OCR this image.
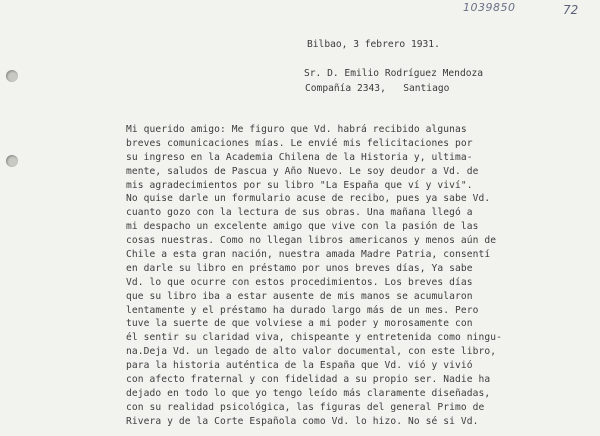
1039850	72
Bilbao, 3 febrero 1931.
Sr. D. Emilio Rodríguez Mendoza
Compañía 2343,   Santiago
Mi querido amigo: Me figuro que Vd. habrá recibido algunas
breves comunicaciones mías. Le envié mis felicitaciones por
su ingreso en la Academia Chilena de la Historia y, ultima-
mente, saludos de Pascua y Año Nuevo. Le soy deudor a Vd. de
mis agradecimientos por su libro "La España que ví y viví".
No quise darle un formulario acuse de recibo, pues ya sabe Vd.
cuanto gozo con la lectura de sus obras. Una mañana llegó a
mi despacho un excelente amigo que vive con la pasión de las
cosas nuestras. Como no llegan libros americanos y menos aún de
Chile a esta gran nación, nuestra amada Madre Patria, consentí
en darle su libro en préstamo por unos breves días, Ya sabe
Vd. lo que ocurre con estos procedimientos. Los breves días
que su libro iba a estar ausente de mis manos se acumularon
lentamente y el préstamo ha durado largo más de un mes. Pero
tuve la suerte de que volviese a mi poder y morosamente con
él sentir su claridad viva, chispeante y entretenida como ningu-
na.Deja Vd. un legado de alto valor documental, con este libro,
para la historia auténtica de la España que Vd. vió y vivió
con afecto fraternal y con fidelidad a su propio ser. Nadie ha
dejado en todo lo que yo tengo leído más claramente diseñadas,
con su realidad psicológica, las figuras del general Primo de
Rivera y de la Corte Española como Vd. lo hizo. No sé si Vd.
